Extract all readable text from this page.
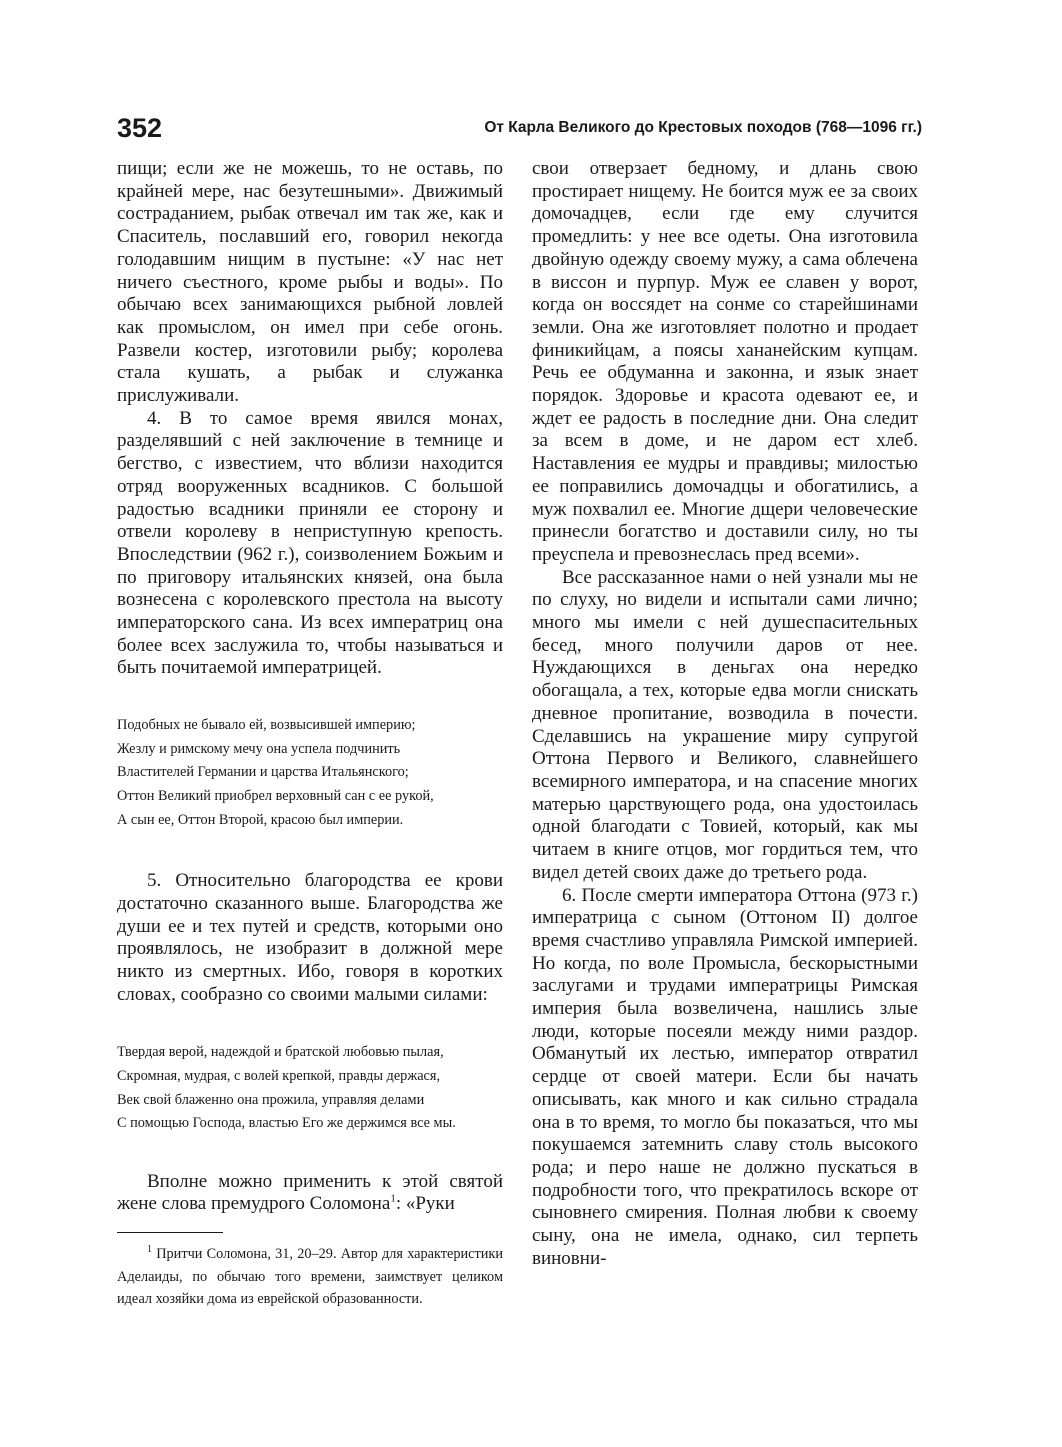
352	От Карла Великого до Крестовых походов (768—1096 гг.)

пищи; если же не можешь, то не оставь, по крайней мере, нас безутешными». Движимый состраданием, рыбак отвечал им так же, как и Спаситель, пославший его, говорил некогда голодавшим нищим в пустыне: «У нас нет ничего съестного, кроме рыбы и воды». По обычаю всех занимающихся рыбной ловлей как промыслом, он имел при себе огонь. Развели костер, изготовили рыбу; королева стала кушать, а рыбак и служанка прислуживали.

4. В то самое время явился монах, разделявший с ней заключение в темнице и бегство, с известием, что вблизи находится отряд вооруженных всадников. С большой радостью всадники приняли ее сторону и отвели королеву в неприступную крепость. Впоследствии (962 г.), соизволением Божьим и по приговору итальянских князей, она была вознесена с королевского престола на высоту императорского сана. Из всех императриц она более всех заслужила то, чтобы называться и быть почитаемой императрицей.

Подобных не бывало ей, возвысившей империю;
Жезлу и римскому мечу она успела подчинить
Властителей Германии и царства Итальянского;
Оттон Великий приобрел верховный сан с ее рукой,
А сын ее, Оттон Второй, красою был империи.

5. Относительно благородства ее крови достаточно сказанного выше. Благородства же души ее и тех путей и средств, которыми оно проявлялось, не изобразит в должной мере никто из смертных. Ибо, говоря в коротких словах, сообразно со своими малыми силами:

Твердая верой, надеждой и братской любовью пылая,
Скромная, мудрая, с волей крепкой, правды держася,
Век свой блаженно она прожила, управляя делами
С помощью Господа, властью Его же держимся все мы.

Вполне можно применить к этой святой жене слова премудрого Соломона$^1$: «Руки

$^1$ Притчи Соломона, 31, 20–29. Автор для характеристики Аделаиды, по обычаю того времени, заимствует целиком идеал хозяйки дома из еврейской образованности.

свои отверзает бедному, и длань свою простирает нищему. Не боится муж ее за своих домочадцев, если где ему случится промедлить: у нее все одеты. Она изготовила двойную одежду своему мужу, а сама облечена в виссон и пурпур. Муж ее славен у ворот, когда он воссядет на сонме со старейшинами земли. Она же изготовляет полотно и продает финикийцам, а поясы хананейским купцам. Речь ее обдуманна и законна, и язык знает порядок. Здоровье и красота одевают ее, и ждет ее радость в последние дни. Она следит за всем в доме, и не даром ест хлеб. Наставления ее мудры и правдивы; милостью ее поправились домочадцы и обогатились, а муж похвалил ее. Многие дщери человеческие принесли богатство и доставили силу, но ты преуспела и превознеслась пред всеми».

Все рассказанное нами о ней узнали мы не по слуху, но видели и испытали сами лично; много мы имели с ней душеспасительных бесед, много получили даров от нее. Нуждающихся в деньгах она нередко обогащала, а тех, которые едва могли снискать дневное пропитание, возводила в почести. Сделавшись на украшение миру супругой Оттона Первого и Великого, славнейшего всемирного императора, и на спасение многих матерью царствующего рода, она удостоилась одной благодати с Товией, который, как мы читаем в книге отцов, мог гордиться тем, что видел детей своих даже до третьего рода.

6. После смерти императора Оттона (973 г.) императрица с сыном (Оттоном II) долгое время счастливо управляла Римской империей. Но когда, по воле Промысла, бескорыстными заслугами и трудами императрицы Римская империя была возвеличена, нашлись злые люди, которые посеяли между ними раздор. Обманутый их лестью, император отвратил сердце от своей матери. Если бы начать описывать, как много и как сильно страдала она в то время, то могло бы показаться, что мы покушаемся затемнить славу столь высокого рода; и перо наше не должно пускаться в подробности того, что прекратилось вскоре от сыновнего смирения. Полная любви к своему сыну, она не имела, однако, сил терпеть виновни-
